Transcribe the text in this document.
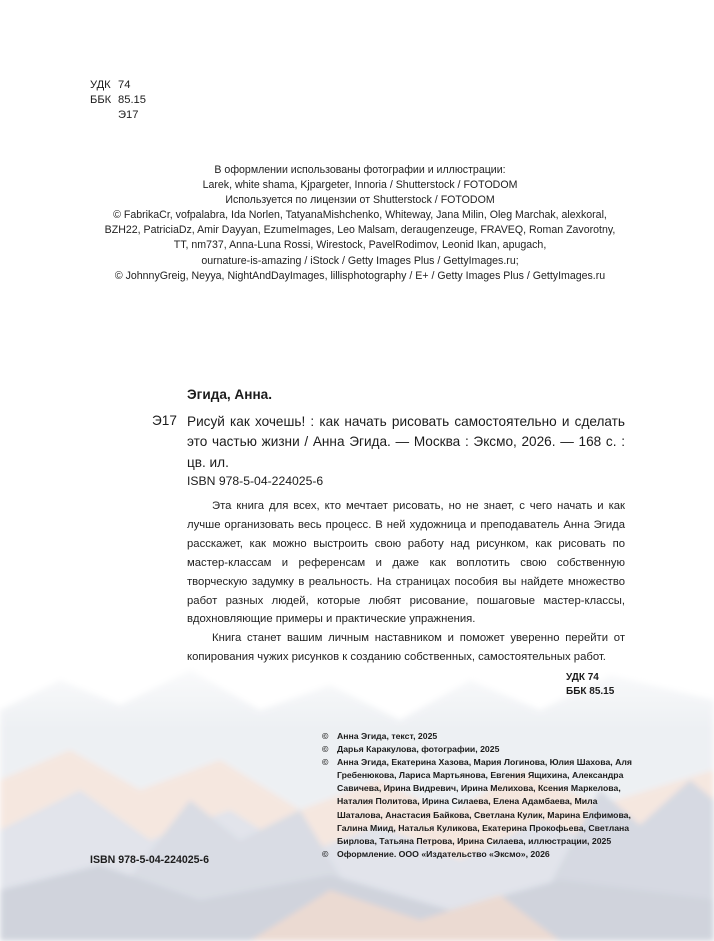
УДК 74
ББК 85.15
Э17
В оформлении использованы фотографии и иллюстрации:
Larek, white shama, Kjpargeter, Innoria / Shutterstock / FOTODOM
Используется по лицензии от Shutterstock / FOTODOM
© FabrikaCr, vofpalabra, Ida Norlen, TatyanaMishchenko, Whiteway, Jana Milin, Oleg Marchak, alexkoral,
BZH22, PatriciaDz, Amir Dayyan, EzumeImages, Leo Malsam, deraugenzeuge, FRAVEQ, Roman Zavorotny,
TT, nm737, Anna-Luna Rossi, Wirestock, PavelRodimov, Leonid Ikan, apugach,
ournature-is-amazing / iStock / Getty Images Plus / GettyImages.ru;
© JohnnyGreig, Neyya, NightAndDayImages, lillisphotography / E+ / Getty Images Plus / GettyImages.ru
Эгида, Анна.
Э17 Рисуй как хочешь! : как начать рисовать самостоятельно и сделать это частью жизни / Анна Эгида. — Москва : Эксмо, 2026. — 168 с. : цв. ил.
ISBN 978-5-04-224025-6

Эта книга для всех, кто мечтает рисовать, но не знает, с чего начать и как лучше организовать весь процесс. В ней художница и преподаватель Анна Эгида расскажет, как можно выстроить свою работу над рисунком, как рисовать по мастер-классам и референсам и даже как воплотить свою собственную творческую задумку в реальность. На страницах пособия вы найдете множество работ разных людей, которые любят рисование, пошаговые мастер-классы, вдохновляющие примеры и практические упражнения.

Книга станет вашим личным наставником и поможет уверенно перейти от копирования чужих рисунков к созданию собственных, самостоятельных работ.

УДК 74
ББК 85.15
ISBN 978-5-04-224025-6
© Анна Эгида, текст, 2025
© Дарья Каракулова, фотографии, 2025
© Анна Эгида, Екатерина Хазова, Мария Логинова, Юлия Шахова, Аля Гребенюкова, Лариса Мартьянова, Евгения Ящихина, Александра Савичева, Ирина Видревич, Ирина Мелихова, Ксения Маркелова, Наталия Политова, Ирина Силаева, Елена Адамбаева, Мила Шаталова, Анастасия Байкова, Светлана Кулик, Марина Елфимова, Галина Миид, Наталья Куликова, Екатерина Прокофьева, Светлана Бирлова, Татьяна Петрова, Ирина Силаева, иллюстрации, 2025
© Оформление. ООО «Издательство «Эксмо», 2026
